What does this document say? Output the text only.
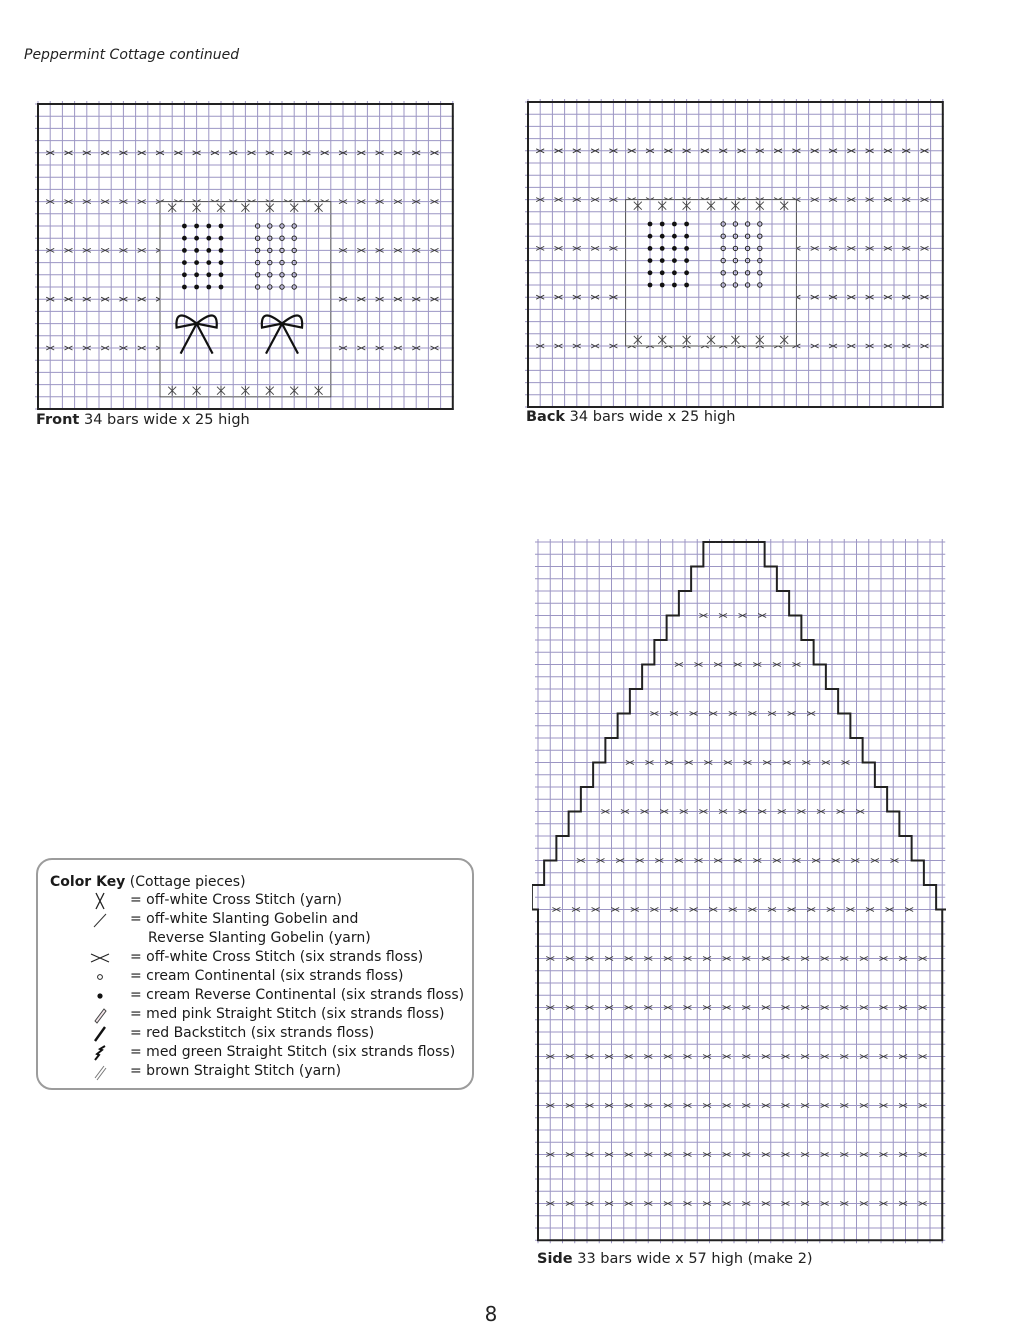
Peppermint Cottage continued
Front 34 bars wide x 25 high	Back 34 bars wide x 25 high
Side 33 bars wide x 57 high (make 2)
Color Key (Cottage pieces)
= off-white Cross Stitch (yarn)
= off-white Slanting Gobelin and
Reverse Slanting Gobelin (yarn)
= off-white Cross Stitch (six strands floss)
= cream Continental (six strands floss)
= cream Reverse Continental (six strands floss)
= med pink Straight Stitch (six strands floss)
= red Backstitch (six strands floss)
= med green Straight Stitch (six strands floss)
= brown Straight Stitch (yarn)
8
